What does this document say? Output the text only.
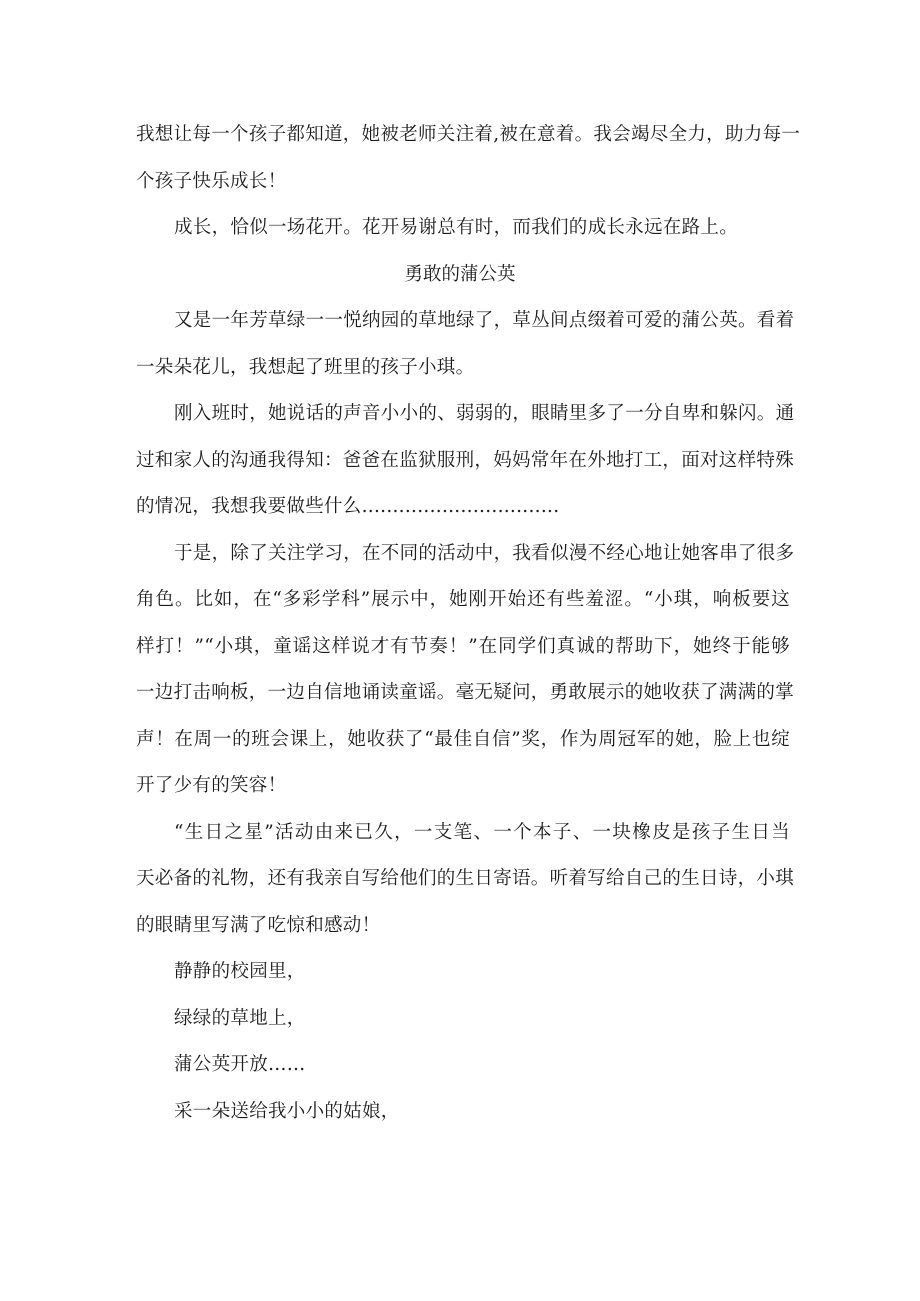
我想让每一个孩子都知道，她被老师关注着,被在意着。我会竭尽全力，助力每一
个孩子快乐成长！
成长，恰似一场花开。花开易谢总有时，而我们的成长永远在路上。
勇敢的蒲公英
又是一年芳草绿一一悦纳园的草地绿了，草丛间点缀着可爱的蒲公英。看着
一朵朵花儿，我想起了班里的孩子小琪。
刚入班时，她说话的声音小小的、弱弱的，眼睛里多了一分自卑和躲闪。通
过和家人的沟通我得知：爸爸在监狱服刑，妈妈常年在外地打工，面对这样特殊
的情况，我想我要做些什么................................
于是，除了关注学习，在不同的活动中，我看似漫不经心地让她客串了很多
角色。比如，在“多彩学科”展示中，她刚开始还有些羞涩。“小琪，响板要这
样打！”“小琪，童谣这样说才有节奏！”在同学们真诚的帮助下，她终于能够
一边打击响板，一边自信地诵读童谣。毫无疑问，勇敢展示的她收获了满满的掌
声！在周一的班会课上，她收获了“最佳自信”奖，作为周冠军的她，脸上也绽
开了少有的笑容！
“生日之星”活动由来已久，一支笔、一个本子、一块橡皮是孩子生日当
天必备的礼物，还有我亲自写给他们的生日寄语。听着写给自己的生日诗，小琪
的眼睛里写满了吃惊和感动！
静静的校园里，
绿绿的草地上，
蒲公英开放……
采一朵送给我小小的姑娘，
